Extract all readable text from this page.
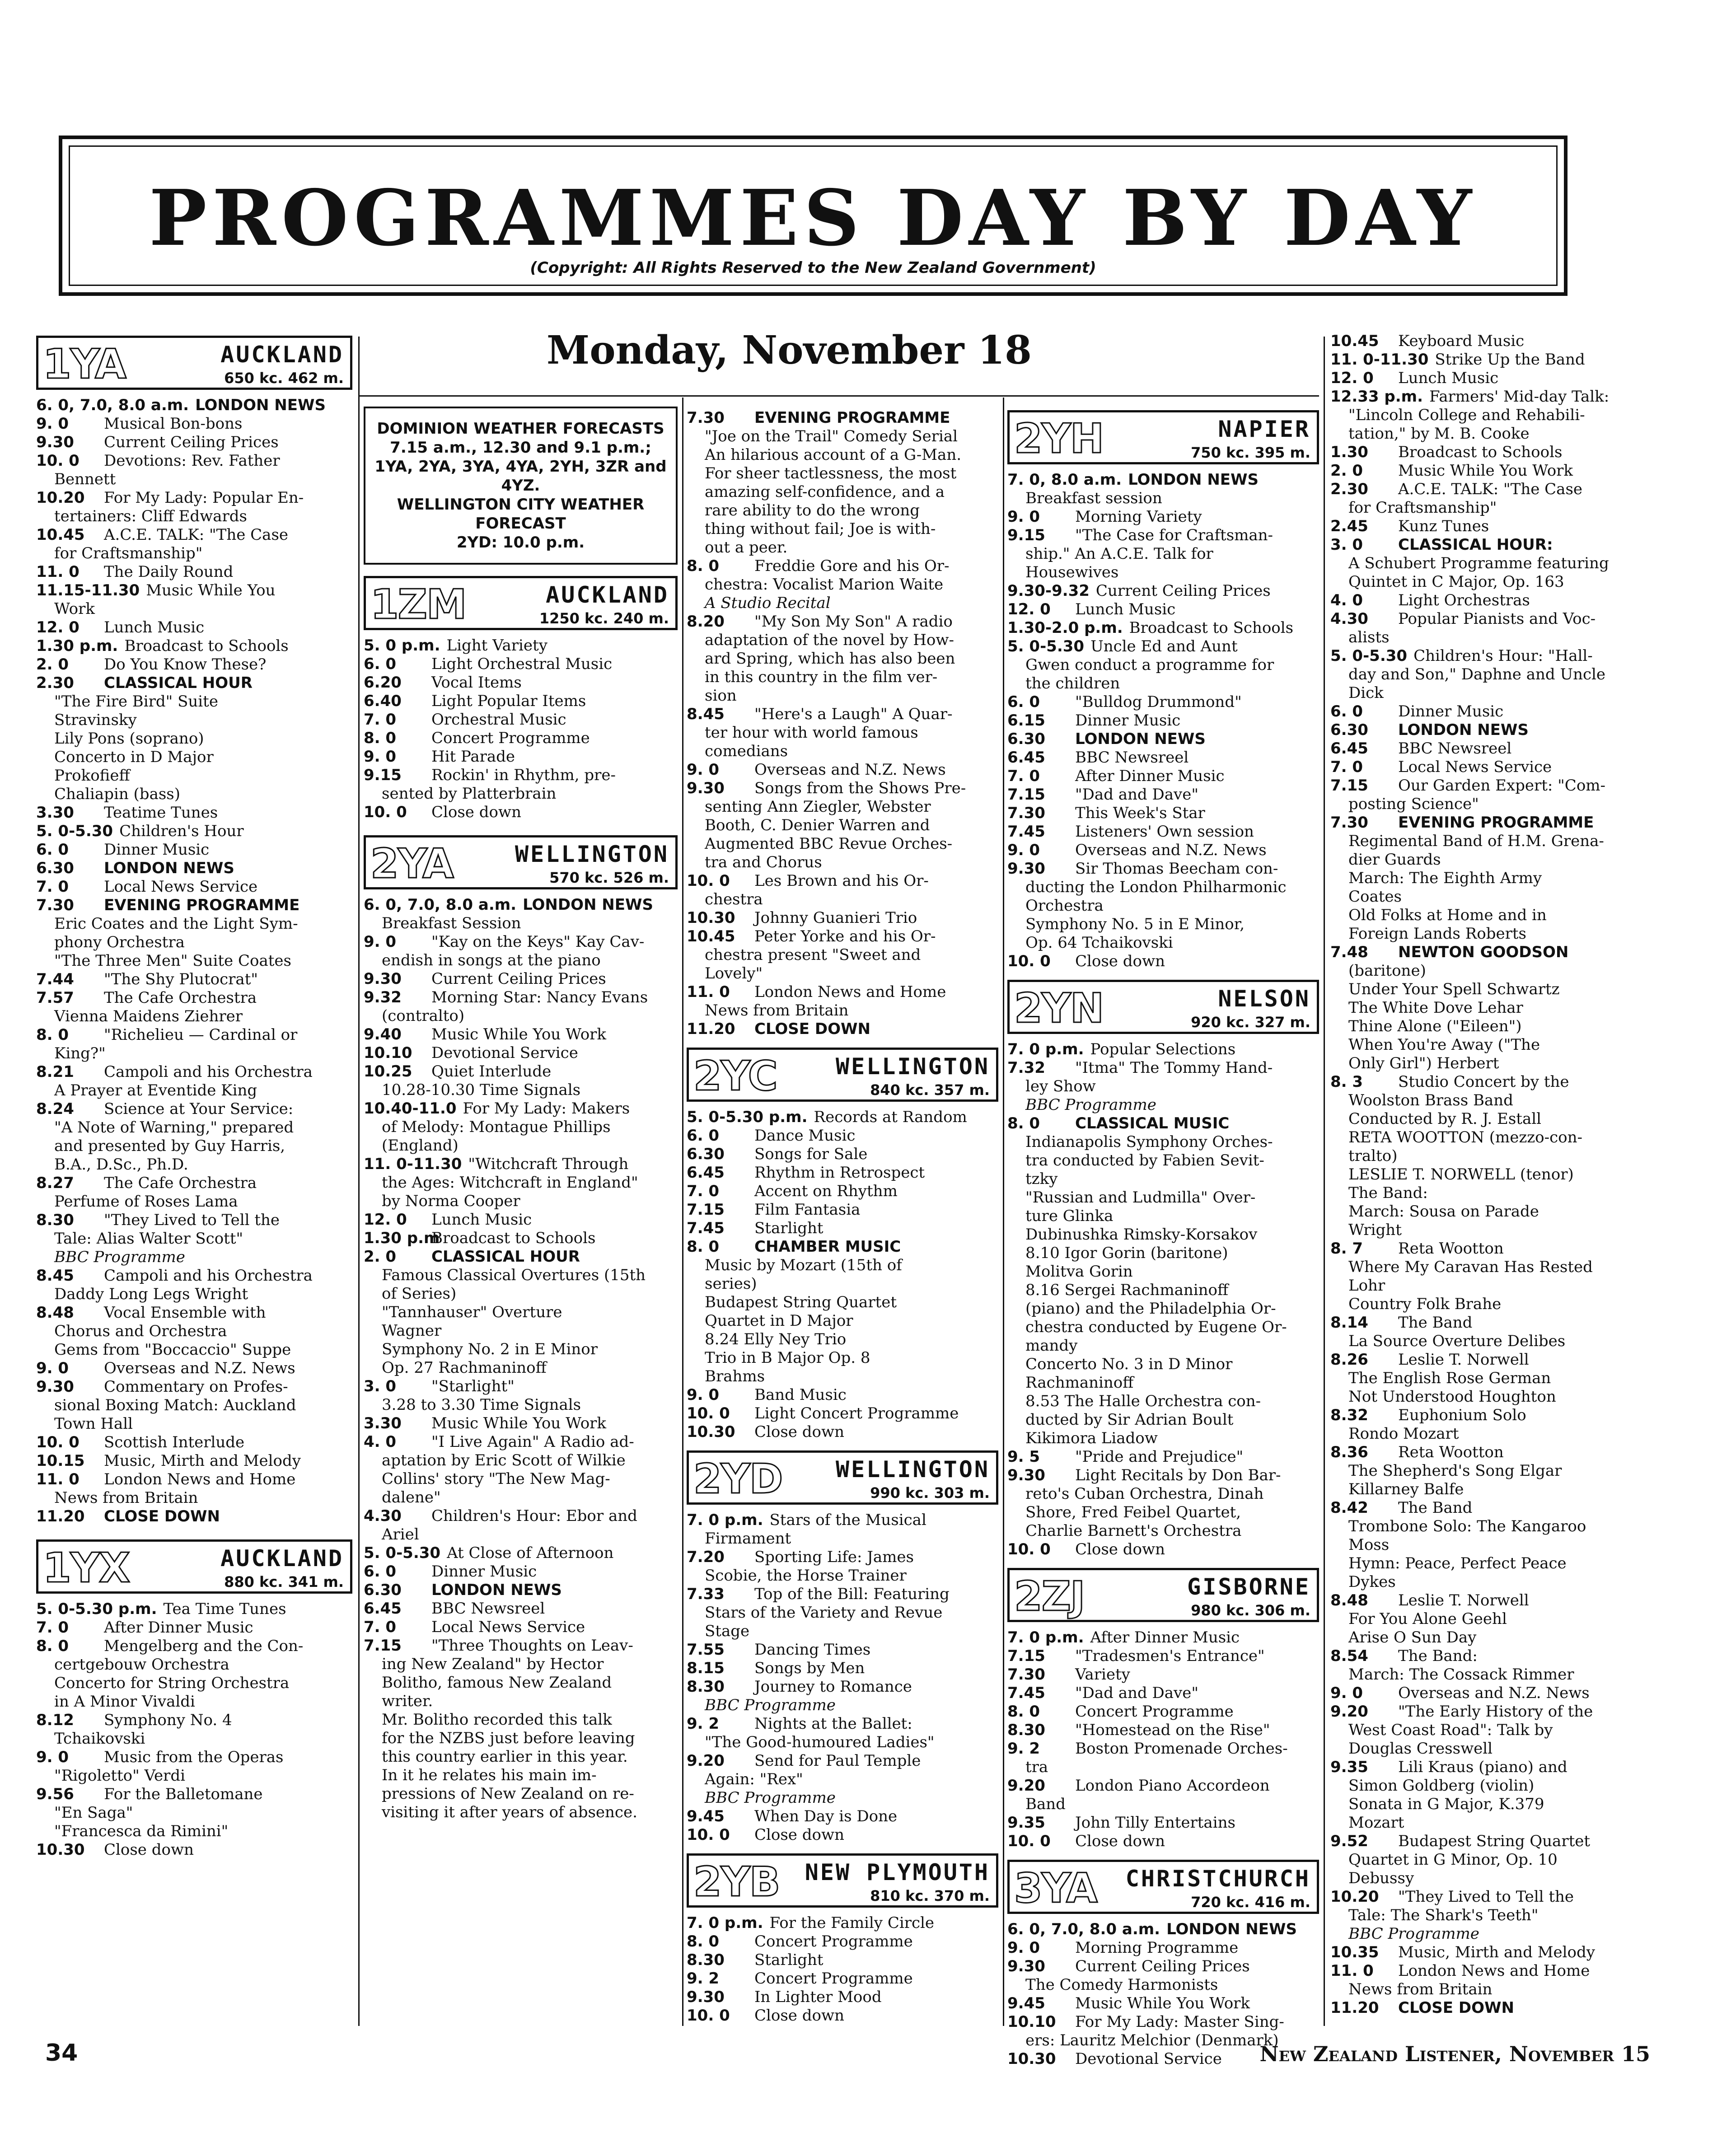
PROGRAMMES DAY BY DAY
(Copyright: All Rights Reserved to the New Zealand Government)
Monday, November 18
1YA	AUCKLAND
650 kc. 462 m.
6. 0, 7.0, 8.0 a.m. LONDON NEWS
9. 0 Musical Bon-bons
9.30 Current Ceiling Prices
10. 0 Devotions: Rev. Father
Bennett
10.20 For My Lady: Popular En-
tertainers: Cliff Edwards
10.45 A.C.E. TALK: "The Case
for Craftsmanship"
11. 0 The Daily Round
11.15-11.30 Music While You
Work
12. 0 Lunch Music
1.30 p.m. Broadcast to Schools
2. 0 Do You Know These?
2.30 CLASSICAL HOUR
"The Fire Bird" Suite
Stravinsky
Lily Pons (soprano)
Concerto in D Major
Prokofieff
Chaliapin (bass)
3.30 Teatime Tunes
5. 0-5.30 Children's Hour
6. 0 Dinner Music
6.30 LONDON NEWS
7. 0 Local News Service
7.30 EVENING PROGRAMME
Eric Coates and the Light Sym-
phony Orchestra
"The Three Men" Suite Coates
7.44 "The Shy Plutocrat"
7.57 The Cafe Orchestra
Vienna Maidens Ziehrer
8. 0 "Richelieu — Cardinal or
King?"
8.21 Campoli and his Orchestra
A Prayer at Eventide King
8.24 Science at Your Service:
"A Note of Warning," prepared
and presented by Guy Harris,
B.A., D.Sc., Ph.D.
8.27 The Cafe Orchestra
Perfume of Roses Lama
8.30 "They Lived to Tell the
Tale: Alias Walter Scott"
BBC Programme
8.45 Campoli and his Orchestra
Daddy Long Legs Wright
8.48 Vocal Ensemble with
Chorus and Orchestra
Gems from "Boccaccio" Suppe
9. 0 Overseas and N.Z. News
9.30 Commentary on Profes-
sional Boxing Match: Auckland
Town Hall
10. 0 Scottish Interlude
10.15 Music, Mirth and Melody
11. 0 London News and Home
News from Britain
11.20 CLOSE DOWN
1YX	AUCKLAND
880 kc. 341 m.
5. 0-5.30 p.m. Tea Time Tunes
7. 0 After Dinner Music
8. 0 Mengelberg and the Con-
certgebouw Orchestra
Concerto for String Orchestra
in A Minor Vivaldi
8.12 Symphony No. 4
Tchaikovski
9. 0 Music from the Operas
"Rigoletto" Verdi
9.56 For the Balletomane
"En Saga"
"Francesca da Rimini"
10.30 Close down
DOMINION WEATHER FORECASTS
7.15 a.m., 12.30 and 9.1 p.m.; 1YA, 2YA, 3YA, 4YA, 2YH, 3ZR and 4YZ.
WELLINGTON CITY WEATHER FORECAST
2YD: 10.0 p.m.
1ZM	AUCKLAND
1250 kc. 240 m.
5. 0 p.m. Light Variety
6. 0 Light Orchestral Music
6.20 Vocal Items
6.40 Light Popular Items
7. 0 Orchestral Music
8. 0 Concert Programme
9. 0 Hit Parade
9.15 Rockin' in Rhythm, pre-
sented by Platterbrain
10. 0 Close down
2YA	WELLINGTON
570 kc. 526 m.
6. 0, 7.0, 8.0 a.m. LONDON NEWS
Breakfast Session
9. 0 "Kay on the Keys" Kay Cav-
endish in songs at the piano
9.30 Current Ceiling Prices
9.32 Morning Star: Nancy Evans
(contralto)
9.40 Music While You Work
10.10 Devotional Service
10.25 Quiet Interlude
10.28-10.30 Time Signals
10.40-11.0 For My Lady: Makers
of Melody: Montague Phillips
(England)
11. 0-11.30 "Witchcraft Through
the Ages: Witchcraft in England"
by Norma Cooper
12. 0 Lunch Music
1.30 p.mBroadcast to Schools
2. 0 CLASSICAL HOUR
Famous Classical Overtures (15th
of Series)
"Tannhauser" Overture
Wagner
Symphony No. 2 in E Minor
Op. 27 Rachmaninoff
3. 0 "Starlight"
3.28 to 3.30 Time Signals
3.30 Music While You Work
4. 0 "I Live Again" A Radio ad-
aptation by Eric Scott of Wilkie
Collins' story "The New Mag-
dalene"
4.30 Children's Hour: Ebor and
Ariel
5. 0-5.30 At Close of Afternoon
6. 0 Dinner Music
6.30 LONDON NEWS
6.45 BBC Newsreel
7. 0 Local News Service
7.15 "Three Thoughts on Leav-
ing New Zealand" by Hector
Bolitho, famous New Zealand
writer.
Mr. Bolitho recorded this talk
for the NZBS just before leaving
this country earlier in this year.
In it he relates his main im-
pressions of New Zealand on re-
visiting it after years of absence.
7.30 EVENING PROGRAMME
"Joe on the Trail" Comedy Serial
An hilarious account of a G-Man.
For sheer tactlessness, the most
amazing self-confidence, and a
rare ability to do the wrong
thing without fail; Joe is with-
out a peer.
8. 0 Freddie Gore and his Or-
chestra: Vocalist Marion Waite
A Studio Recital
8.20 "My Son My Son" A radio
adaptation of the novel by How-
ard Spring, which has also been
in this country in the film ver-
sion
8.45 "Here's a Laugh" A Quar-
ter hour with world famous
comedians
9. 0 Overseas and N.Z. News
9.30 Songs from the Shows Pre-
senting Ann Ziegler, Webster
Booth, C. Denier Warren and
Augmented BBC Revue Orches-
tra and Chorus
10. 0 Les Brown and his Or-
chestra
10.30 Johnny Guanieri Trio
10.45 Peter Yorke and his Or-
chestra present "Sweet and
Lovely"
11. 0 London News and Home
News from Britain
11.20 CLOSE DOWN
2YC	WELLINGTON
840 kc. 357 m.
5. 0-5.30 p.m. Records at Random
6. 0 Dance Music
6.30 Songs for Sale
6.45 Rhythm in Retrospect
7. 0 Accent on Rhythm
7.15 Film Fantasia
7.45 Starlight
8. 0 CHAMBER MUSIC
Music by Mozart (15th of
series)
Budapest String Quartet
Quartet in D Major
8.24 Elly Ney Trio
Trio in B Major Op. 8
Brahms
9. 0 Band Music
10. 0 Light Concert Programme
10.30 Close down
2YD WELLINGTON
990 kc. 303 m.
7. 0 p.m. Stars of the Musical
Firmament
7.20 Sporting Life: James
Scobie, the Horse Trainer
7.33 Top of the Bill: Featuring
Stars of the Variety and Revue
Stage
7.55 Dancing Times
8.15 Songs by Men
8.30 Journey to Romance
BBC Programme
9. 2 Nights at the Ballet:
"The Good-humoured Ladies"
9.20 Send for Paul Temple
Again: "Rex"
BBC Programme
9.45 When Day is Done
10. 0 Close down
2YB NEW PLYMOUTH
810 kc. 370 m.
7. 0 p.m. For the Family Circle
8. 0 Concert Programme
8.30 Starlight
9. 2 Concert Programme
9.30 In Lighter Mood
10. 0 Close down
2YH	NAPIER
750 kc. 395 m.
7. 0, 8.0 a.m. LONDON NEWS
Breakfast session
9. 0 Morning Variety
9.15 "The Case for Craftsman-
ship." An A.C.E. Talk for
Housewives
9.30-9.32 Current Ceiling Prices
12. 0 Lunch Music
1.30-2.0 p.m. Broadcast to Schools
5. 0-5.30 Uncle Ed and Aunt
Gwen conduct a programme for
the children
6. 0 "Bulldog Drummond"
6.15 Dinner Music
6.30 LONDON NEWS
6.45 BBC Newsreel
7. 0 After Dinner Music
7.15 "Dad and Dave"
7.30 This Week's Star
7.45 Listeners' Own session
9. 0 Overseas and N.Z. News
9.30 Sir Thomas Beecham con-
ducting the London Philharmonic
Orchestra
Symphony No. 5 in E Minor,
Op. 64 Tchaikovski
10. 0 Close down
2YN	NELSON
920 kc. 327 m.
7. 0 p.m. Popular Selections
7.32 "Itma" The Tommy Hand-
ley Show
BBC Programme
8. 0 CLASSICAL MUSIC
Indianapolis Symphony Orches-
tra conducted by Fabien Sevit-
tzky
"Russian and Ludmilla" Over-
ture Glinka
Dubinushka Rimsky-Korsakov
8.10 Igor Gorin (baritone)
Molitva Gorin
8.16 Sergei Rachmaninoff
(piano) and the Philadelphia Or-
chestra conducted by Eugene Or-
mandy
Concerto No. 3 in D Minor
Rachmaninoff
8.53 The Halle Orchestra con-
ducted by Sir Adrian Boult
Kikimora Liadow
9. 5 "Pride and Prejudice"
9.30 Light Recitals by Don Bar-
reto's Cuban Orchestra, Dinah
Shore, Fred Feibel Quartet,
Charlie Barnett's Orchestra
10. 0 Close down
2ZJ	GISBORNE
980 kc. 306 m.
7. 0 p.m. After Dinner Music
7.15 "Tradesmen's Entrance"
7.30 Variety
7.45 "Dad and Dave"
8. 0 Concert Programme
8.30 "Homestead on the Rise"
9. 2 Boston Promenade Orches-
tra
9.20 London Piano Accordeon
Band
9.35 John Tilly Entertains
10. 0 Close down
3YA CHRISTCHURCH
720 kc. 416 m.
6. 0, 7.0, 8.0 a.m. LONDON NEWS
9. 0 Morning Programme
9.30 Current Ceiling Prices
The Comedy Harmonists
9.45 Music While You Work
10.10 For My Lady: Master Sing-
ers: Lauritz Melchior (Denmark)
10.30 Devotional Service
10.45 Keyboard Music
11. 0-11.30 Strike Up the Band
12. 0 Lunch Music
12.33 p.m. Farmers' Mid-day Talk:
"Lincoln College and Rehabili-
tation," by M. B. Cooke
1.30 Broadcast to Schools
2. 0 Music While You Work
2.30 A.C.E. TALK: "The Case
for Craftsmanship"
2.45 Kunz Tunes
3. 0 CLASSICAL HOUR:
A Schubert Programme featuring
Quintet in C Major, Op. 163
4. 0 Light Orchestras
4.30 Popular Pianists and Voc-
alists
5. 0-5.30 Children's Hour: "Hall-
day and Son," Daphne and Uncle
Dick
6. 0 Dinner Music
6.30 LONDON NEWS
6.45 BBC Newsreel
7. 0 Local News Service
7.15 Our Garden Expert: "Com-
posting Science"
7.30 EVENING PROGRAMME
Regimental Band of H.M. Grena-
dier Guards
March: The Eighth Army
Coates
Old Folks at Home and in
Foreign Lands Roberts
7.48 NEWTON GOODSON
(baritone)
Under Your Spell Schwartz
The White Dove Lehar
Thine Alone ("Eileen")
When You're Away ("The
Only Girl") Herbert
8. 3 Studio Concert by the
Woolston Brass Band
Conducted by R. J. Estall
RETA WOOTTON (mezzo-con-
tralto)
LESLIE T. NORWELL (tenor)
The Band:
March: Sousa on Parade
Wright
8. 7 Reta Wootton
Where My Caravan Has Rested
Lohr
Country Folk Brahe
8.14 The Band
La Source Overture Delibes
8.26 Leslie T. Norwell
The English Rose German
Not Understood Houghton
8.32 Euphonium Solo
Rondo Mozart
8.36 Reta Wootton
The Shepherd's Song Elgar
Killarney Balfe
8.42 The Band
Trombone Solo: The Kangaroo
Moss
Hymn: Peace, Perfect Peace
Dykes
8.48 Leslie T. Norwell
For You Alone Geehl
Arise O Sun Day
8.54 The Band:
March: The Cossack Rimmer
9. 0 Overseas and N.Z. News
9.20 "The Early History of the
West Coast Road": Talk by
Douglas Cresswell
9.35 Lili Kraus (piano) and
Simon Goldberg (violin)
Sonata in G Major, K.379
Mozart
9.52 Budapest String Quartet
Quartet in G Minor, Op. 10
Debussy
10.20 "They Lived to Tell the
Tale: The Shark's Teeth"
BBC Programme
10.35 Music, Mirth and Melody
11. 0 London News and Home
News from Britain
11.20 CLOSE DOWN
34	New Zealand Listener, November 15
